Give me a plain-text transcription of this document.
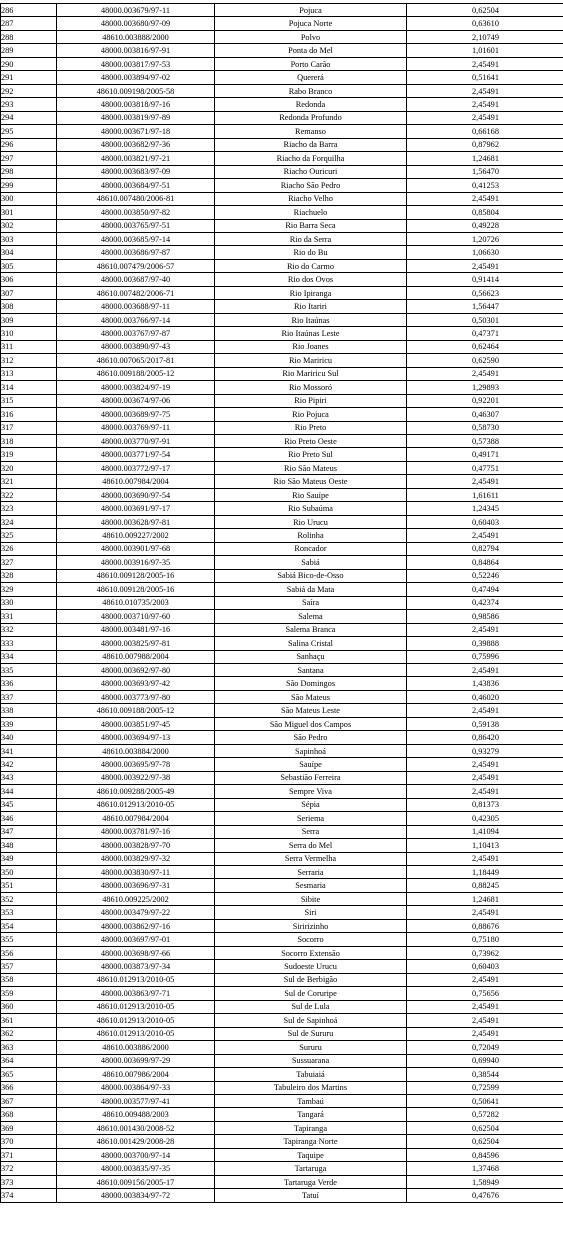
286	48000.003679/97-11	Pojuca	0,62504
287	48000.003680/97-09	Pojuca Norte	0,63610
288	48610.003888/2000	Polvo	2,10749
289	48000.003816/97-91	Ponta do Mel	1,01601
290	48000.003817/97-53	Porto Carão	2,45491
291	48000.003894/97-02	Quererá	0,51641
292	48610.009198/2005-58	Rabo Branco	2,45491
293	48000.003818/97-16	Redonda	2,45491
294	48000.003819/97-89	Redonda Profundo	2,45491
295	48000.003671/97-18	Remanso	0,66168
296	48000.003682/97-36	Riacho da Barra	0,87962
297	48000.003821/97-21	Riacho da Forquilha	1,24681
298	48000.003683/97-09	Riacho Ouricuri	1,56470
299	48000.003684/97-51	Riacho São Pedro	0,41253
300	48610.007480/2006-81	Riacho Velho	2,45491
301	48000.003850/97-82	Riachuelo	0,85804
302	48000.003765/97-51	Rio Barra Seca	0,49228
303	48000.003685/97-14	Rio da Serra	1,20726
304	48000.003686/97-87	Rio do Bu	1,06630
305	48610.007479/2006-57	Rio do Carmo	2,45491
306	48000.003687/97-40	Rio dos Ovos	0,91414
307	48610.007482/2006-71	Rio Ipiranga	0,56623
308	48000.003688/97-11	Rio Itariri	1,56447
309	48000.003766/97-14	Rio Itaúnas	0,50301
310	48000.003767/97-87	Rio Itaúnas Leste	0,47371
311	48000.003890/97-43	Rio Joanes	0,62464
312	48610.007065/2017-81	Rio Mariricu	0,62590
313	48610.009188/2005-12	Rio Mariricu Sul	2,45491
314	48000.003824/97-19	Rio Mossoró	1,29893
315	48000.003674/97-06	Rio Pipiri	0,92201
316	48000.003689/97-75	Rio Pojuca	0,46307
317	48000.003769/97-11	Rio Preto	0,58730
318	48000.003770/97-91	Rio Preto Oeste	0,57388
319	48000.003771/97-54	Rio Preto Sul	0,49171
320	48000.003772/97-17	Rio São Mateus	0,47751
321	48610.007984/2004	Rio São Mateus Oeste	2,45491
322	48000.003690/97-54	Rio Sauípe	1,61611
323	48000.003691/97-17	Rio Subaúma	1,24345
324	48000.003628/97-81	Rio Urucu	0,60403
325	48610.009227/2002	Rolinha	2,45491
326	48000.003901/97-68	Roncador	0,82794
327	48000.003916/97-35	Sabiá	0,84864
328	48610.009128/2005-16	Sabiá Bico-de-Osso	0,52246
329	48610.009128/2005-16	Sabiá da Mata	0,47494
330	48610.010735/2003	Saíra	0,42374
331	48000.003710/97-60	Salema	0,98586
332	48000.003481/97-16	Salema Branca	2,45491
333	48000.003825/97-81	Salina Cristal	0,39888
334	48610.007988/2004	Sanhaçu	0,75996
335	48000.003692/97-80	Santana	2,45491
336	48000.003693/97-42	São Domingos	1,43836
337	48000.003773/97-80	São Mateus	0,46020
338	48610.009188/2005-12	São Mateus Leste	2,45491
339	48000.003851/97-45	São Miguel dos Campos	0,59138
340	48000.003694/97-13	São Pedro	0,86420
341	48610.003884/2000	Sapinhoá	0,93279
342	48000.003695/97-78	Sauípe	2,45491
343	48000.003922/97-38	Sebastião Ferreira	2,45491
344	48610.009288/2005-49	Sempre Viva	2,45491
345	48610.012913/2010-05	Sépia	0,81373
346	48610.007984/2004	Seriema	0,42305
347	48000.003781/97-16	Serra	1,41094
348	48000.003828/97-70	Serra do Mel	1,10413
349	48000.003829/97-32	Serra Vermelha	2,45491
350	48000.003830/97-11	Serraria	1,18449
351	48000.003696/97-31	Sesmaria	0,88245
352	48610.009225/2002	Sibite	1,24681
353	48000.003479/97-22	Siri	2,45491
354	48000.003862/97-16	Siririzinho	0,88676
355	48000.003697/97-01	Socorro	0,75180
356	48000.003698/97-66	Socorro Extensão	0,73962
357	48000.003873/97-34	Sudoeste Urucu	0,60403
358	48610.012913/2010-05	Sul de Berbigão	2,45491
359	48000.003863/97-71	Sul de Coruripe	0,75656
360	48610.012913/2010-05	Sul de Lula	2,45491
361	48610.012913/2010-05	Sul de Sapinhoá	2,45491
362	48610.012913/2010-05	Sul de Sururu	2,45491
363	48610.003886/2000	Sururu	0,72049
364	48000.003699/97-29	Sussuarana	0,69940
365	48610.007986/2004	Tabuiaiá	0,38544
366	48000.003864/97-33	Tabuleiro dos Martins	0,72599
367	48000.003577/97-41	Tambaú	0,50641
368	48610.009488/2003	Tangará	0,57282
369	48610.001430/2008-52	Tapiranga	0,62504
370	48610.001429/2008-28	Tapiranga Norte	0,62504
371	48000.003700/97-14	Taquipe	0,84596
372	48000.003835/97-35	Tartaruga	1,37468
373	48610.009156/2005-17	Tartaruga Verde	1,58949
374	48000.003834/97-72	Tatuí	0,47676
